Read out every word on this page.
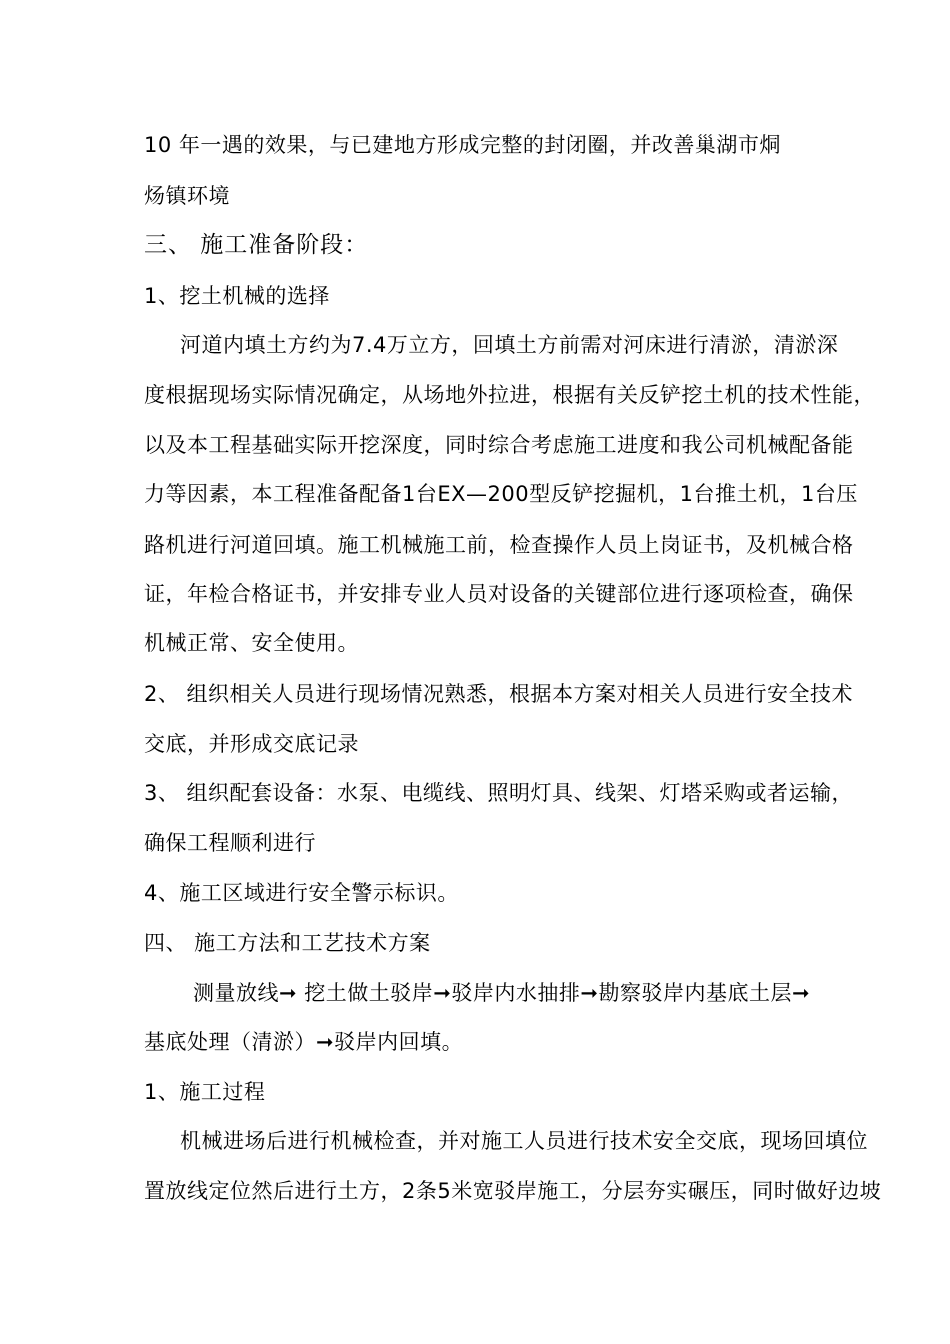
10 年一遇的效果，与已建地方形成完整的封闭圈，并改善巢湖市烔
炀镇环境
三、 施工准备阶段：
1、挖土机械的选择
河道内填土方约为7.4万立方，回填土方前需对河床进行清淤，清淤深
度根据现场实际情况确定，从场地外拉进，根据有关反铲挖土机的技术性能，
以及本工程基础实际开挖深度，同时综合考虑施工进度和我公司机械配备能
力等因素，本工程准备配备1台EX—200型反铲挖掘机，1台推土机，1台压
路机进行河道回填。施工机械施工前，检查操作人员上岗证书，及机械合格
证，年检合格证书，并安排专业人员对设备的关键部位进行逐项检查，确保
机械正常、安全使用。
2、 组织相关人员进行现场情况熟悉，根据本方案对相关人员进行安全技术
交底，并形成交底记录
3、 组织配套设备：水泵、电缆线、照明灯具、线架、灯塔采购或者运输，
确保工程顺利进行
4、施工区域进行安全警示标识。
四、 施工方法和工艺技术方案
测量放线➞ 挖土做土驳岸➞驳岸内水抽排➞勘察驳岸内基底土层➞
基底处理（清淤）➞驳岸内回填。
1、施工过程
机械进场后进行机械检查，并对施工人员进行技术安全交底，现场回填位
置放线定位然后进行土方，2条5米宽驳岸施工，分层夯实碾压，同时做好边坡
